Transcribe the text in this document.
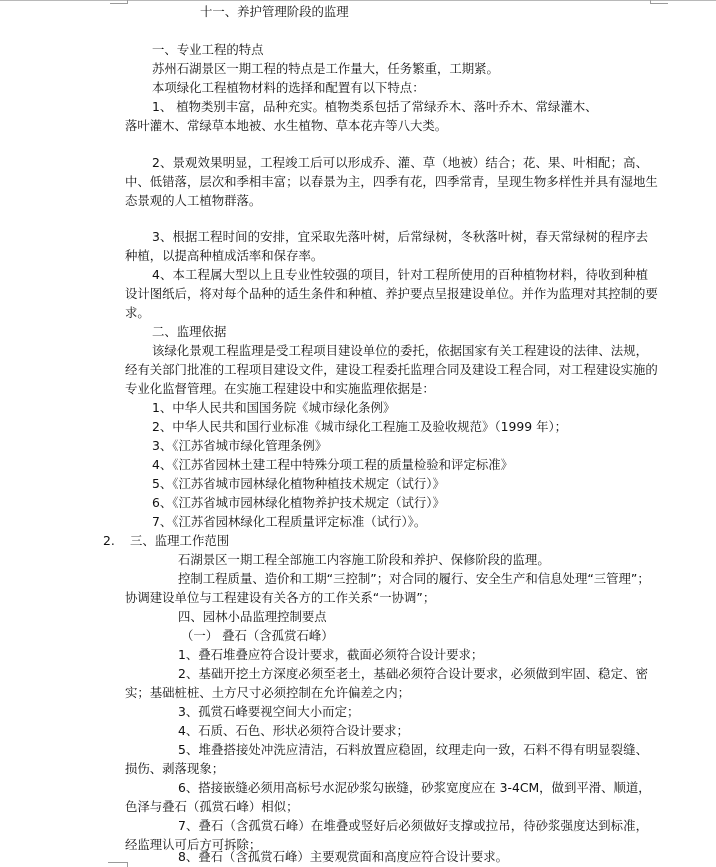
十一、养护管理阶段的监理
一、专业工程的特点
苏州石湖景区一期工程的特点是工作量大，任务繁重，工期紧。
本项绿化工程植物材料的选择和配置有以下特点：
1、 植物类别丰富，品种充实。植物类系包括了常绿乔木、落叶乔木、常绿灌木、
落叶灌木、常绿草本地被、水生植物、草本花卉等八大类。
2、景观效果明显，工程竣工后可以形成乔、灌、草（地被）结合；花、果、叶相配；高、
中、低错落，层次和季相丰富；以春景为主，四季有花，四季常青，呈现生物多样性并具有湿地生
态景观的人工植物群落。
3、根据工程时间的安排，宜采取先落叶树，后常绿树，冬秋落叶树，春天常绿树的程序去
种植，以提高种植成活率和保存率。
4、本工程属大型以上且专业性较强的项目，针对工程所使用的百种植物材料，待收到种植
设计图纸后，将对每个品种的适生条件和种植、养护要点呈报建设单位。并作为监理对其控制的要
求。
二、监理依据
该绿化景观工程监理是受工程项目建设单位的委托，依据国家有关工程建设的法律、法规，
经有关部门批准的工程项目建设文件，建设工程委托监理合同及建设工程合同，对工程建设实施的
专业化监督管理。在实施工程建设中和实施监理依据是：
1、中华人民共和国国务院《城市绿化条例》
2、中华人民共和国行业标准《城市绿化工程施工及验收规范》（1999 年）；
3、《江苏省城市绿化管理条例》
4、《江苏省园林土建工程中特殊分项工程的质量检验和评定标准》
5、《江苏省城市园林绿化植物种植技术规定（试行）》
6、《江苏省城市园林绿化植物养护技术规定（试行）》
7、《江苏省园林绿化工程质量评定标准（试行）》。
2. 三、监理工作范围
石湖景区一期工程全部施工内容施工阶段和养护、保修阶段的监理。
控制工程质量、造价和工期“三控制”；对合同的履行、安全生产和信息处理“三管理”；
协调建设单位与工程建设有关各方的工作关系“一协调”；
四、园林小品监理控制要点
（一） 叠石（含孤赏石峰）
1、叠石堆叠应符合设计要求，截面必须符合设计要求；
2、基础开挖土方深度必须至老土，基础必须符合设计要求，必须做到牢固、稳定、密
实；基础桩桩、土方尺寸必须控制在允许偏差之内；
3、孤赏石峰要视空间大小而定；
4、石质、石色、形状必须符合设计要求；
5、堆叠搭接处冲洗应清洁，石料放置应稳固，纹理走向一致，石料不得有明显裂缝、
损伤、剥落现象；
6、搭接嵌缝必须用高标号水泥砂浆勾嵌缝，砂浆宽度应在 3-4CM，做到平滑、顺道，
色泽与叠石（孤赏石峰）相似；
7、叠石（含孤赏石峰）在堆叠或竖好后必须做好支撑或拉吊，待砂浆强度达到标准，
经监理认可后方可拆除；
8、叠石（含孤赏石峰）主要观赏面和高度应符合设计要求。
